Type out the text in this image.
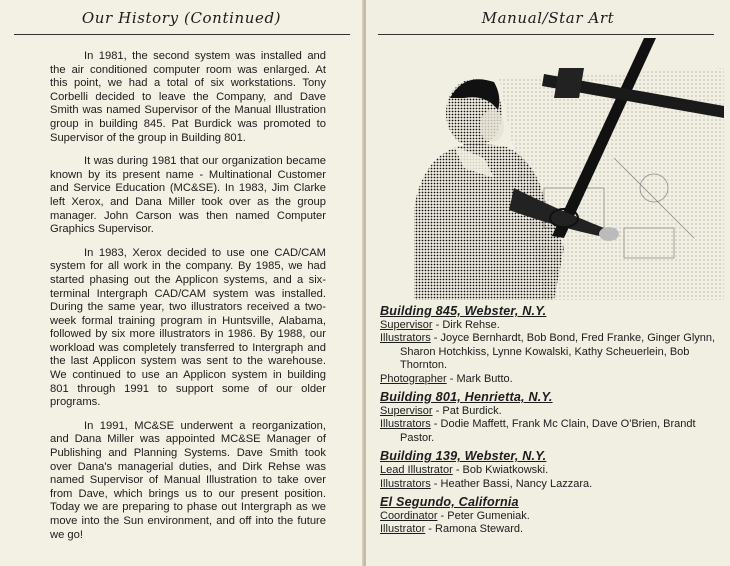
Our History (Continued)

In 1981, the second system was installed and the air conditioned computer room was enlarged. At this point, we had a total of six workstations. Tony Corbelli decided to leave the Company, and Dave Smith was named Supervisor of the Manual Illustration group in building 845. Pat Burdick was promoted to Supervisor of the group in Building 801.

It was during 1981 that our organization became known by its present name - Multinational Customer and Service Education (MC&SE). In 1983, Jim Clarke left Xerox, and Dana Miller took over as the group manager. John Carson was then named Computer Graphics Supervisor.

In 1983, Xerox decided to use one CAD/CAM system for all work in the company. By 1985, we had started phasing out the Applicon systems, and a six-terminal Intergraph CAD/CAM system was installed. During the same year, two illustrators received a two-week formal training program in Huntsville, Alabama, followed by six more illustrators in 1986. By 1988, our workload was completely transferred to Intergraph and the last Applicon system was sent to the warehouse. We continued to use an Applicon system in building 801 through 1991 to support some of our older programs.

In 1991, MC&SE underwent a reorganization, and Dana Miller was appointed MC&SE Manager of Publishing and Planning Systems. Dave Smith took over Dana's managerial duties, and Dirk Rehse was named Supervisor of Manual Illustration to take over from Dave, which brings us to our present position. Today we are preparing to phase out Intergraph as we move into the Sun environment, and off into the future we go!

Manual/Star Art
Building 845, Webster, N.Y.
Supervisor - Dirk Rehse.
Illustrators - Joyce Bernhardt, Bob Bond, Fred Franke, Ginger Glynn, Sharon Hotchkiss, Lynne Kowalski, Kathy Scheuerlein, Bob Thornton.
Photographer - Mark Butto.
Building 801, Henrietta, N.Y.
Supervisor - Pat Burdick.
Illustrators - Dodie Maffett, Frank Mc Clain, Dave O'Brien, Brandt Pastor.
Building 139, Webster, N.Y.
Lead Illustrator - Bob Kwiatkowski.
Illustrators - Heather Bassi, Nancy Lazzara.
El Segundo, California
Coordinator - Peter Gumeniak.
Illustrator - Ramona Steward.
